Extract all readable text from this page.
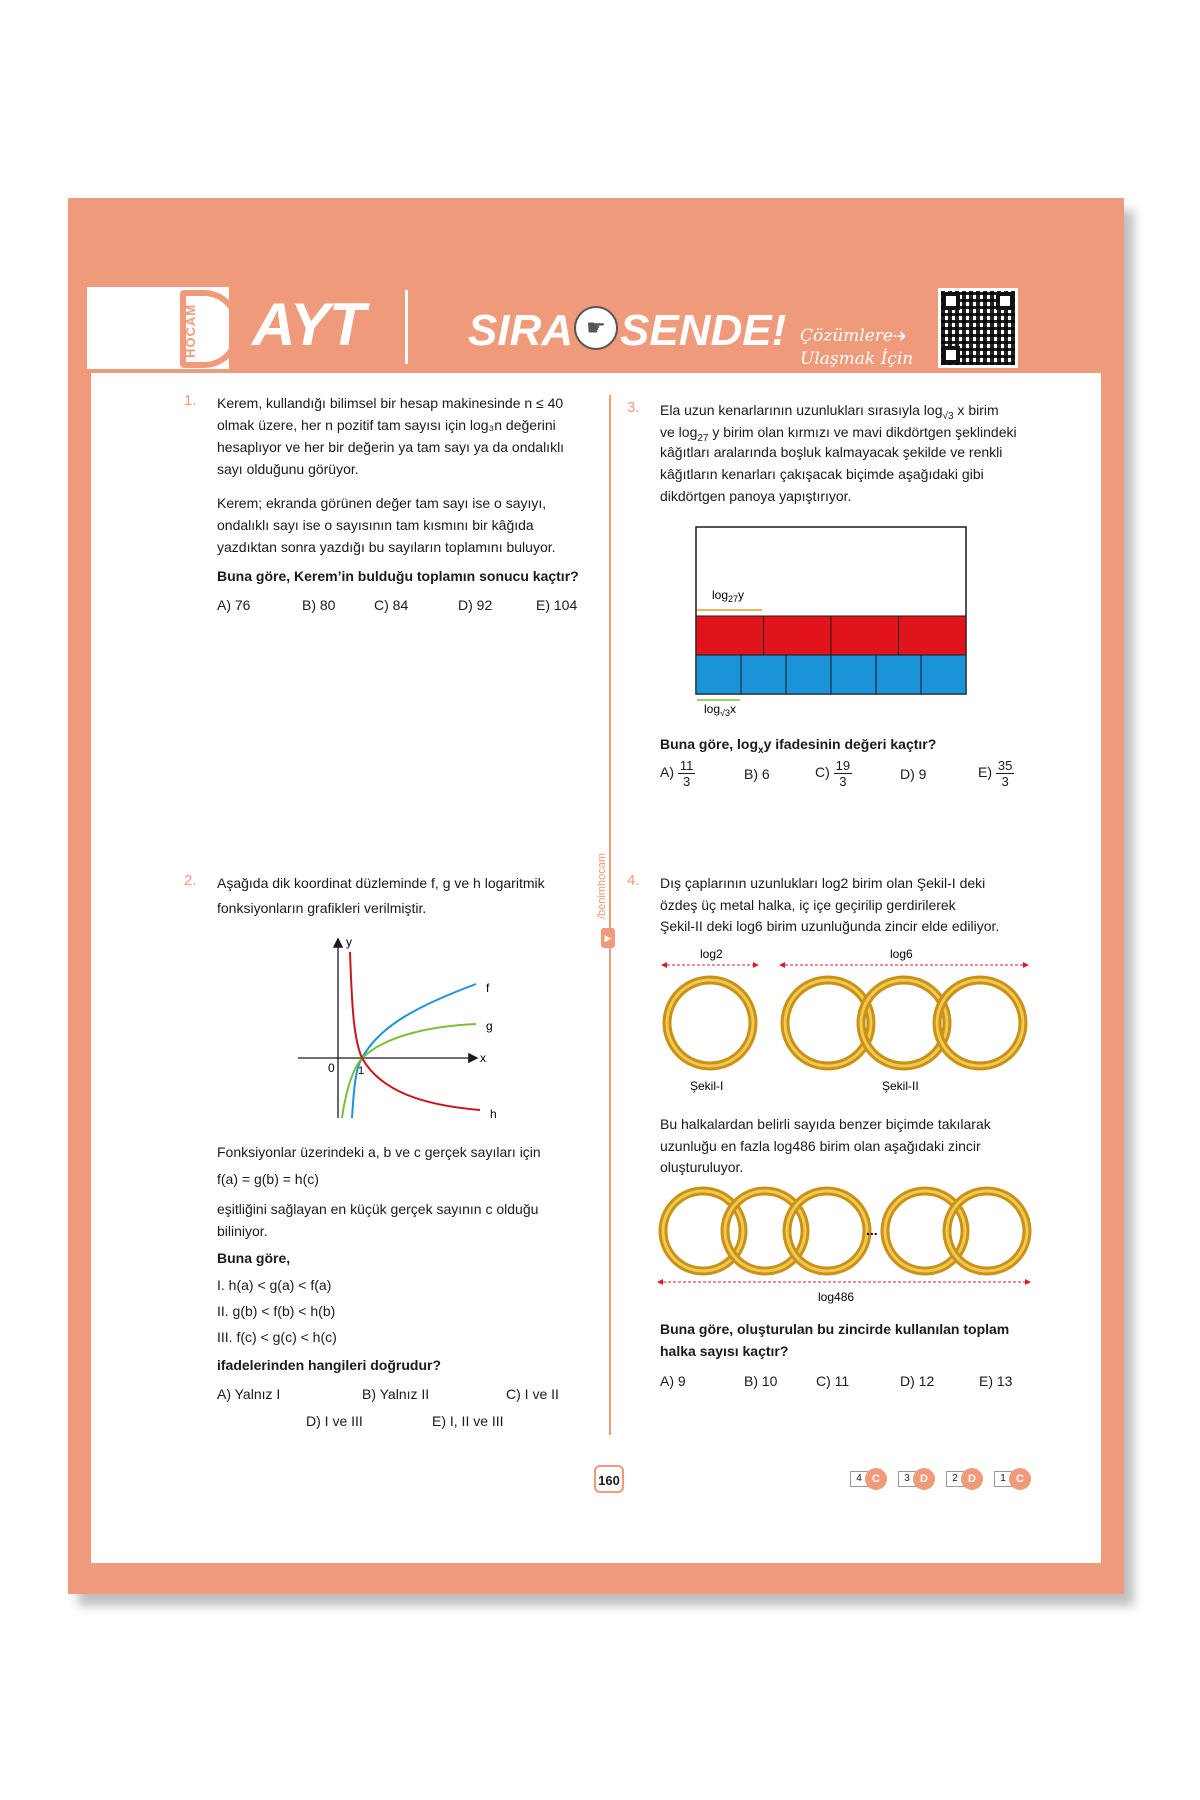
HOCAM AYT SIRA ☛ SENDE! Çözümlere
Ulaşmak İçin
⇢
/benimhocam
▶
1. Kerem, kullandığı bilimsel bir hesap makinesinde n ≤ 40 olmak üzere, her n pozitif tam sayısı için log₃n değerini hesaplıyor ve her bir değerin ya tam sayı ya da ondalıklı sayı olduğunu görüyor.
Kerem; ekranda görünen değer tam sayı ise o sayıyı, ondalıklı sayı ise o sayısının tam kısmını bir kâğıda yazdıktan sonra yazdığı bu sayıların toplamını buluyor.
Buna göre, Kerem’in bulduğu toplamın sonucu kaçtır?
A) 76	B) 80	C) 84	D) 92	E) 104
2. Aşağıda dik koordinat düzleminde f, g ve h logaritmik
fonksiyonların grafikleri verilmiştir.
y
x
0 1
f
g
h
Fonksiyonlar üzerindeki a, b ve c gerçek sayıları için
f(a) = g(b) = h(c)
eşitliğini sağlayan en küçük gerçek sayının c olduğu
biliniyor.
Buna göre,
I. h(a) < g(a) < f(a)
II. g(b) < f(b) < h(b)
III. f(c) < g(c) < h(c)
ifadelerinden hangileri doğrudur?
A) Yalnız I	B) Yalnız II	C) I ve II
D) I ve III	E) I, II ve III
3. Ela uzun kenarlarının uzunlukları sırasıyla $\log_{√3} x$ birim
ve $\log_{27} y$ birim olan kırmızı ve mavi dikdörtgen şeklindeki
kâğıtları aralarında boşluk kalmayacak şekilde ve renkli
kâğıtların kenarları çakışacak biçimde aşağıdaki gibi
dikdörtgen panoya yapıştırıyor.
$\log_{27}y$
$\log_{√3}x$
Buna göre, $\log_xy$ ifadesinin değeri kaçtır?
$A) \frac{11}{3}$	B) 6	$C) \frac{19}{3}$	D) 9	$E) \frac{35}{3}$
4. Dış çaplarının uzunlukları log2 birim olan Şekil-I deki
özdeş üç metal halka, iç içe geçirilip gerdirilerek
Şekil-II deki log6 birim uzunluğunda zincir elde ediliyor.
log2	log6
Şekil-I	Şekil-II
Bu halkalardan belirli sayıda benzer biçimde takılarak
uzunluğu en fazla log486 birim olan aşağıdaki zincir
oluşturuluyor.
...
log486
Buna göre, oluşturulan bu zincirde kullanılan toplam
halka sayısı kaçtır?
A) 9	B) 10	C) 11	D) 12	E) 13
160	4 C	3 D	2 D	1 C
